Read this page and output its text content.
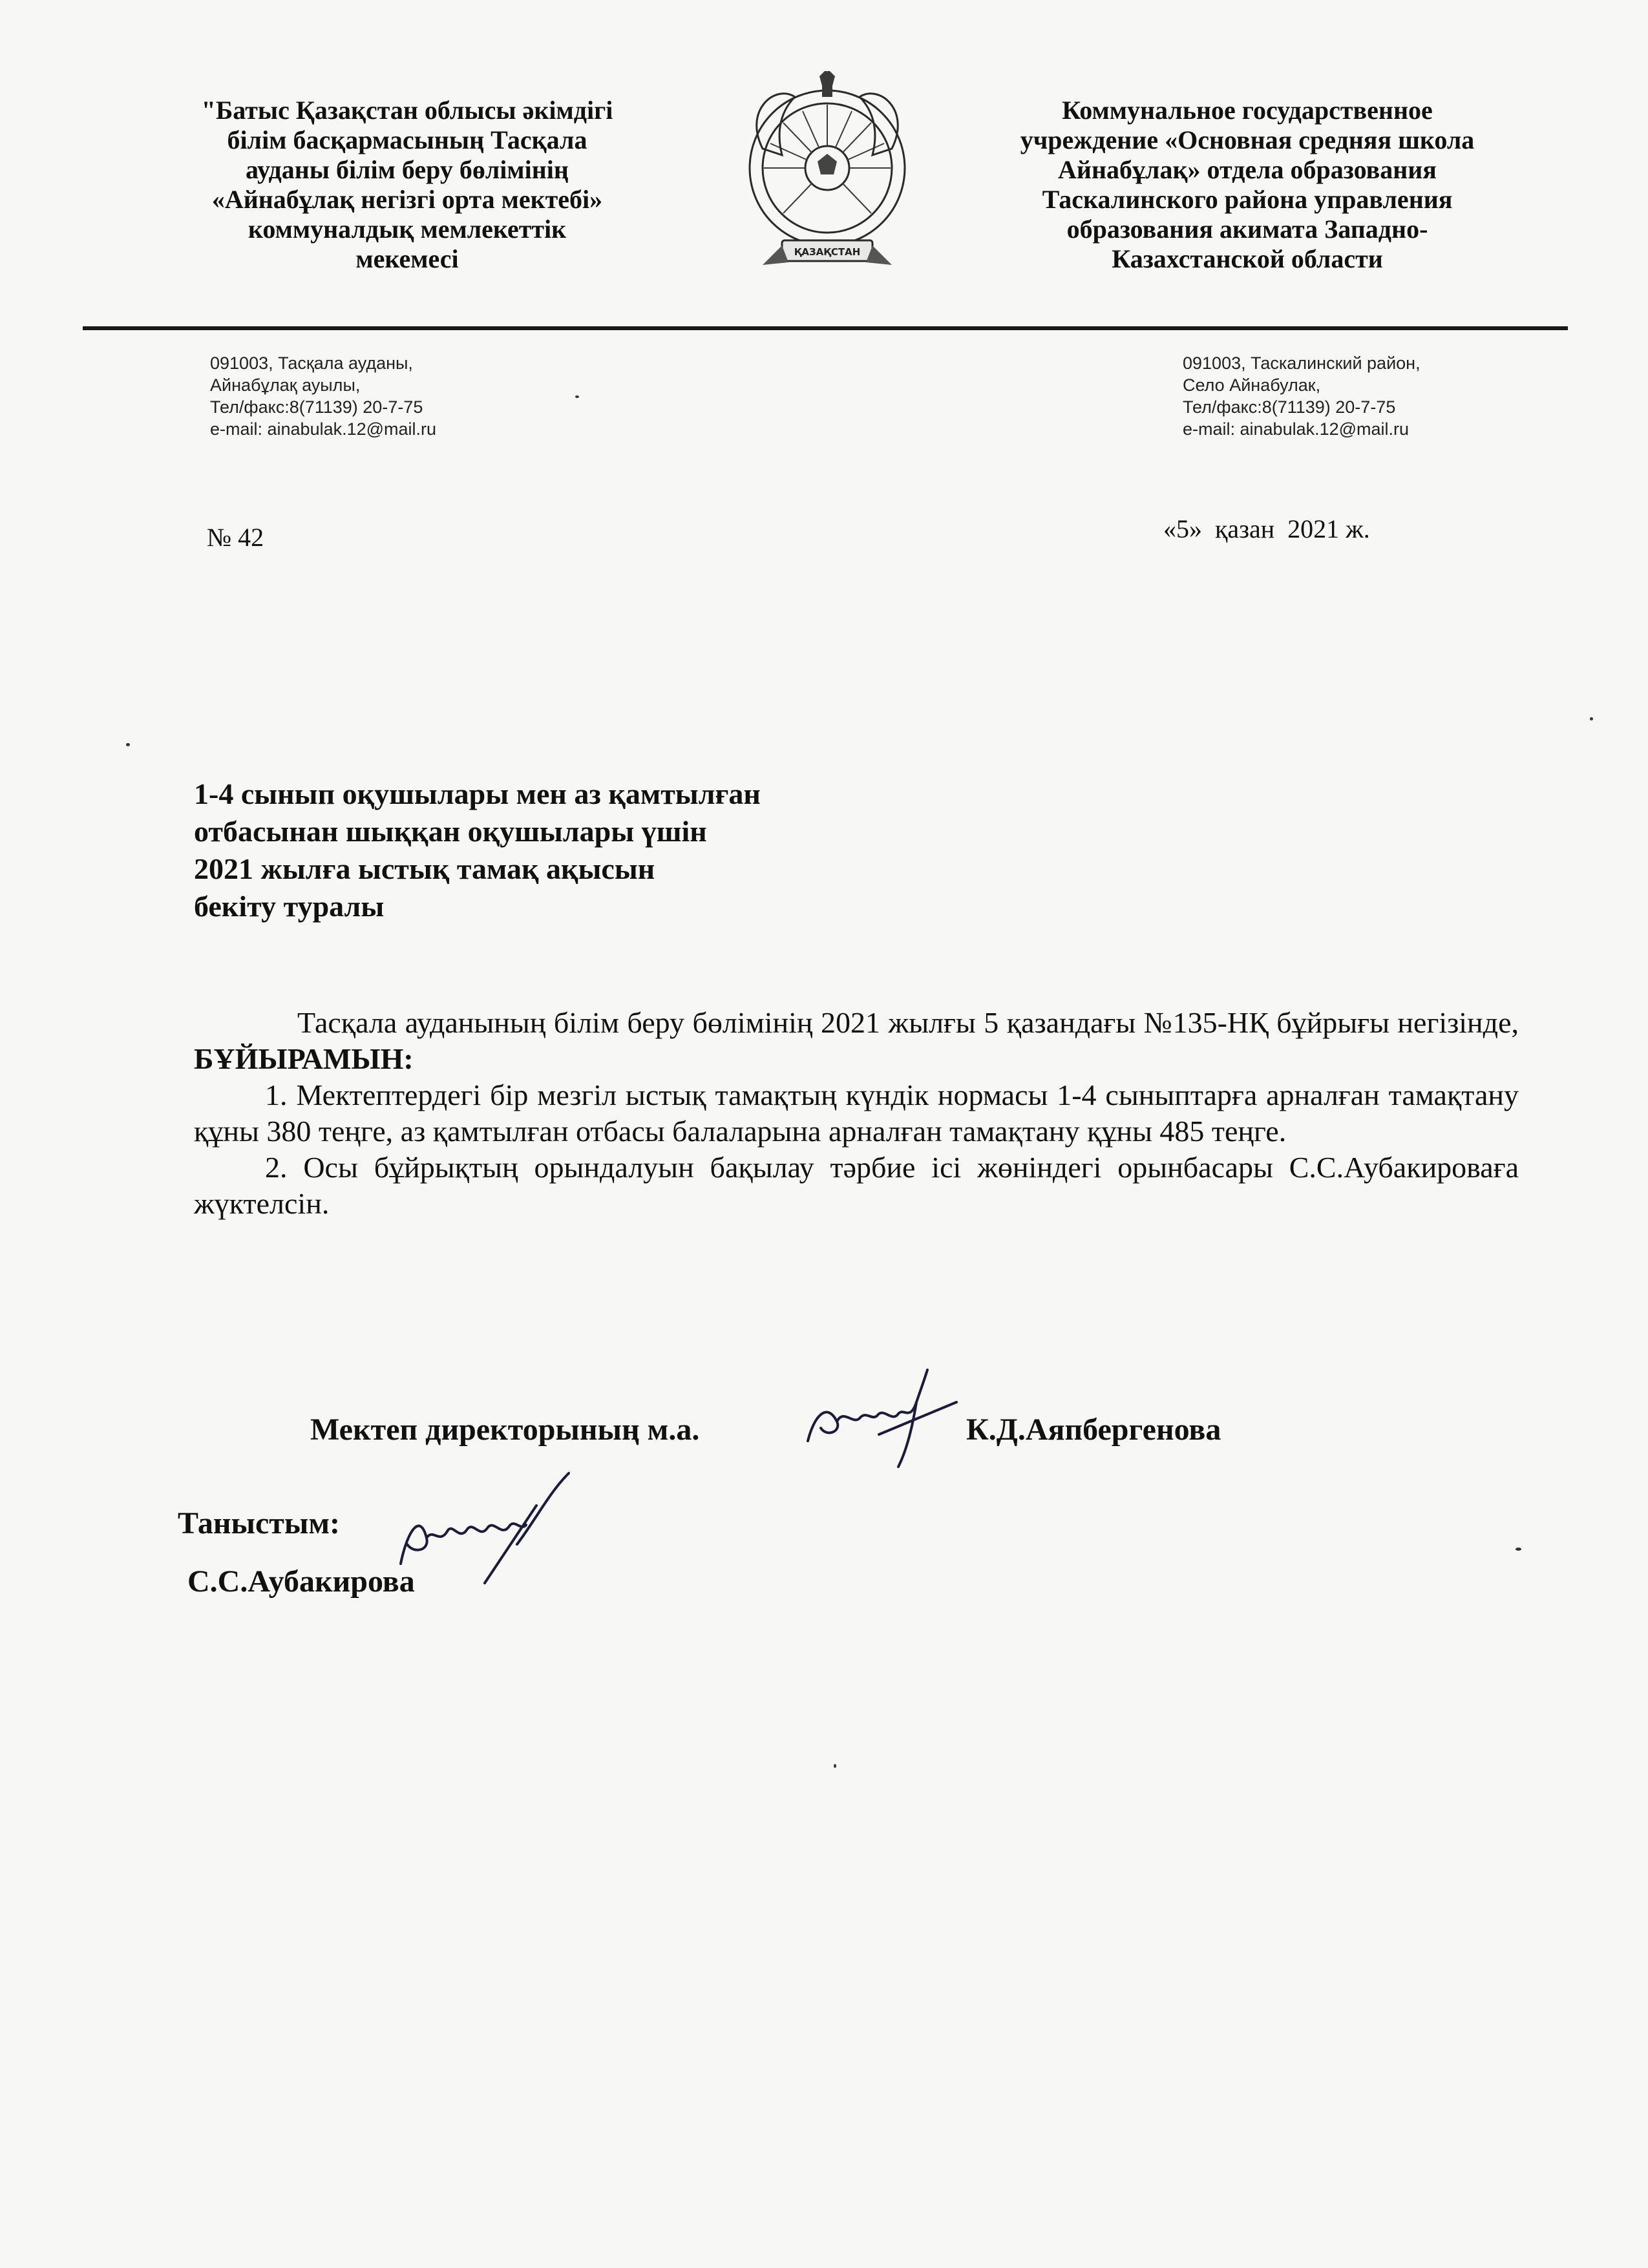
"Батыс Қазақстан облысы әкімдігі
білім басқармасының Тасқала
ауданы білім беру бөлімінің
«Айнабұлақ негізгі орта мектебі»
коммуналдық мемлекеттік
мекемесі	ҚАЗАҚСТАН
Коммунальное государственное
учреждение «Основная средняя школа
Айнабұлақ» отдела образования
Таскалинского района управления
образования акимата Западно-
Казахстанской области
091003, Тасқала ауданы,
Айнабұлақ ауылы,
Тел/факс:8(71139) 20-7-75
e-mail: ainabulak.12@mail.ru
091003, Таскалинский район,
Село Айнабулак,
Тел/факс:8(71139) 20-7-75
e-mail: ainabulak.12@mail.ru
№ 42	«5»  қазан  2021 ж.
1-4 сынып оқушылары мен аз қамтылған
отбасынан шыққан оқушылары үшін
2021 жылға ыстық тамақ ақысын
бекіту туралы
Тасқала ауданының білім беру бөлімінің 2021 жылғы 5 қазандағы №135-НҚ бұйрығы негізінде, БҰЙЫРАМЫН:
1. Мектептердегі бір мезгіл ыстық тамақтың күндік нормасы 1-4 сыныптарға арналған тамақтану құны 380 теңге, аз қамтылған отбасы балаларына арналған тамақтану құны 485 теңге.
2. Осы бұйрықтың орындалуын бақылау тәрбие ісі жөніндегі орынбасары С.С.Аубакироваға жүктелсін.
Мектеп директорының м.а.	К.Д.Аяпбергенова
Таныстым:
С.С.Аубакирова
